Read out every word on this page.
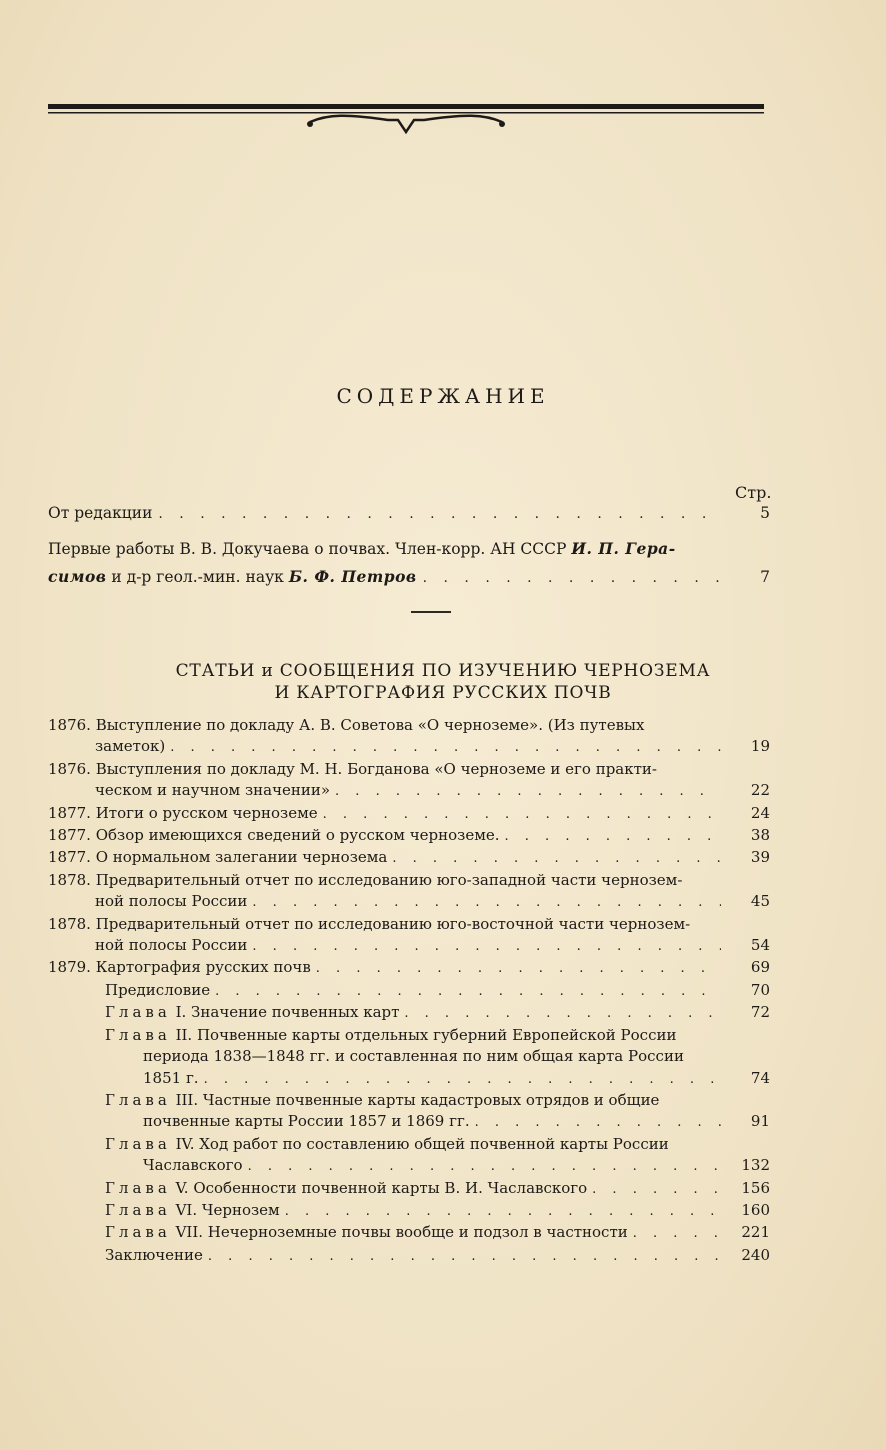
СОДЕРЖАНИЕ
Стр.
От редакции . . .	5
Первые работы В. В. Докучаева о почвах. Член-корр. АН СССР И. П. Гера-
симов и д-р геол.-мин. наук Б. Ф. Петров . . .	7
СТАТЬИ и СООБЩЕНИЯ ПО ИЗУЧЕНИЮ ЧЕРНОЗЕМА
И КАРТОГРАФИЯ РУССКИХ ПОЧВ
1876. Выступление по докладу А. В. Советова «О черноземе». (Из путевых
заметок) . . .	19
1876. Выступления по докладу М. Н. Богданова «О черноземе и его практи-
ческом и научном значении» . . .	22
1877. Итоги о русском черноземе . . .	24
1877. Обзор имеющихся сведений о русском черноземе. . . .	38
1877. О нормальном залегании чернозема . . .	39
1878. Предварительный отчет по исследованию юго-западной части чернозем-
ной полосы России . . .	45
1878. Предварительный отчет по исследованию юго-восточной части чернозем-
ной полосы России . . .	54
1879. Картография русских почв . . .	69
Предисловие . . .	70
Глава I. Значение почвенных карт . . .	72
Глава II. Почвенные карты отдельных губерний Европейской России
периода 1838—1848 гг. и составленная по ним общая карта России
1851 г. . . .	74
Глава III. Частные почвенные карты кадастровых отрядов и общие
почвенные карты России 1857 и 1869 гг. . . .	91
Глава IV. Ход работ по составлению общей почвенной карты России
Чаславского . . .	132
Глава V. Особенности почвенной карты В. И. Чаславского . . .	156
Глава VI. Чернозем . . .	160
Глава VII. Нечерноземные почвы вообще и подзол в частности . . .	221
Заключение . . .	240
